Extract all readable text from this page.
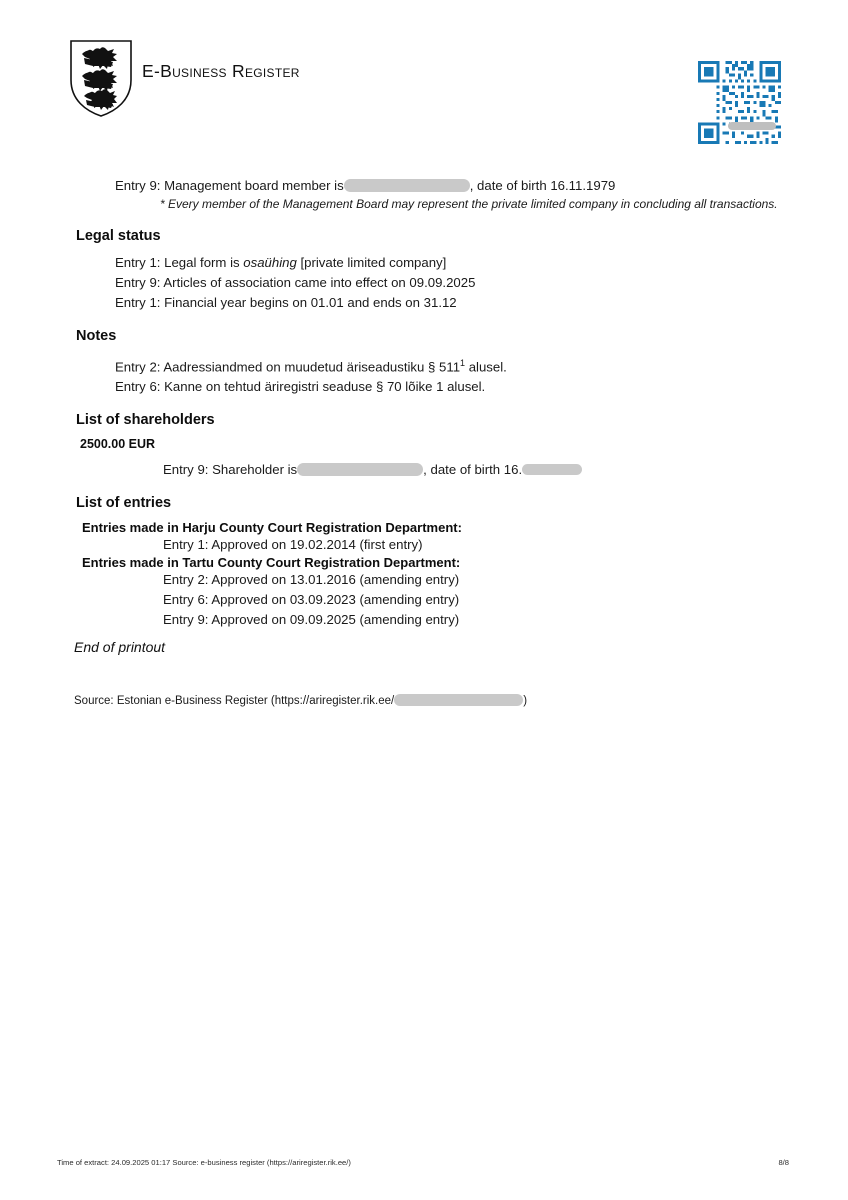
E-Business Register
Entry 9: Management board member is	, date of birth 16.11.1979
* Every member of the Management Board may represent the private limited company in concluding all transactions.
Legal status
Entry 1: Legal form is osaühing [private limited company]
Entry 9: Articles of association came into effect on 09.09.2025
Entry 1: Financial year begins on 01.01 and ends on 31.12
Notes
Entry 2: Aadressiandmed on muudetud äriseadustiku § $511^1$ alusel.
Entry 6: Kanne on tehtud äriregistri seaduse § 70 lõike 1 alusel.
List of shareholders
2500.00 EUR
Entry 9: Shareholder is	, date of birth 16.
List of entries
Entries made in Harju County Court Registration Department:
Entry 1: Approved on 19.02.2014 (first entry)
Entries made in Tartu County Court Registration Department:
Entry 2: Approved on 13.01.2016 (amending entry)
Entry 6: Approved on 03.09.2023 (amending entry)
Entry 9: Approved on 09.09.2025 (amending entry)
End of printout
Source: Estonian e-Business Register (https://ariregister.rik.ee/	)
Time of extract: 24.09.2025 01:17 Source: e-business register (https://ariregister.rik.ee/)	8/8
